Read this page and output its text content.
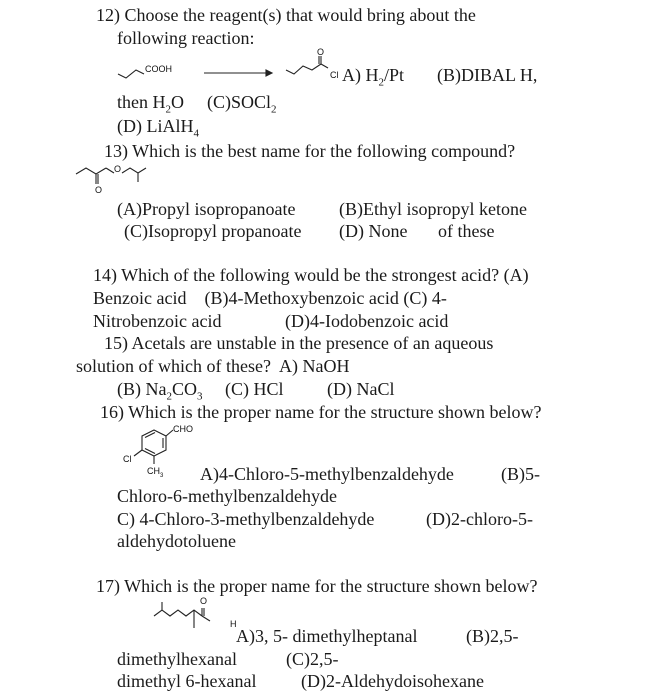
12) Choose the reagent(s) that would bring about the
following reaction:
COOH
O
Cl A) $H_2/Pt$ (B)DIBAL H,
then $H_2O$ (C)SOCl$_2$
(D) LiAlH$_4$
13) Which is the best name for the following compound?
O
O
(A)Propyl isopropanoate (B)Ethyl isopropyl ketone
(C)Isopropyl propanoate (D) None of these
14) Which of the following would be the strongest acid? (A)
Benzoic acid    (B)4-Methoxybenzoic acid (C) 4-
Nitrobenzoic acid	(D)4-Iodobenzoic acid
15) Acetals are unstable in the presence of an aqueous
solution of which of these?  A) NaOH
(B) $Na_2CO_3$ (C) HCl (D) NaCl
16) Which is the proper name for the structure shown below?
CHO
Cl
$CH_3$ A)4-Chloro-5-methylbenzaldehyde	(B)5-
Chloro-6-methylbenzaldehyde
C) 4-Chloro-3-methylbenzaldehyde	(D)2-chloro-5-
aldehydotoluene
17) Which is the proper name for the structure shown below?
O
H
A)3, 5- dimethylheptanal	(B)2,5-
dimethylhexanal	(C)2,5-
dimethyl 6-hexanal (D)2-Aldehydoisohexane
